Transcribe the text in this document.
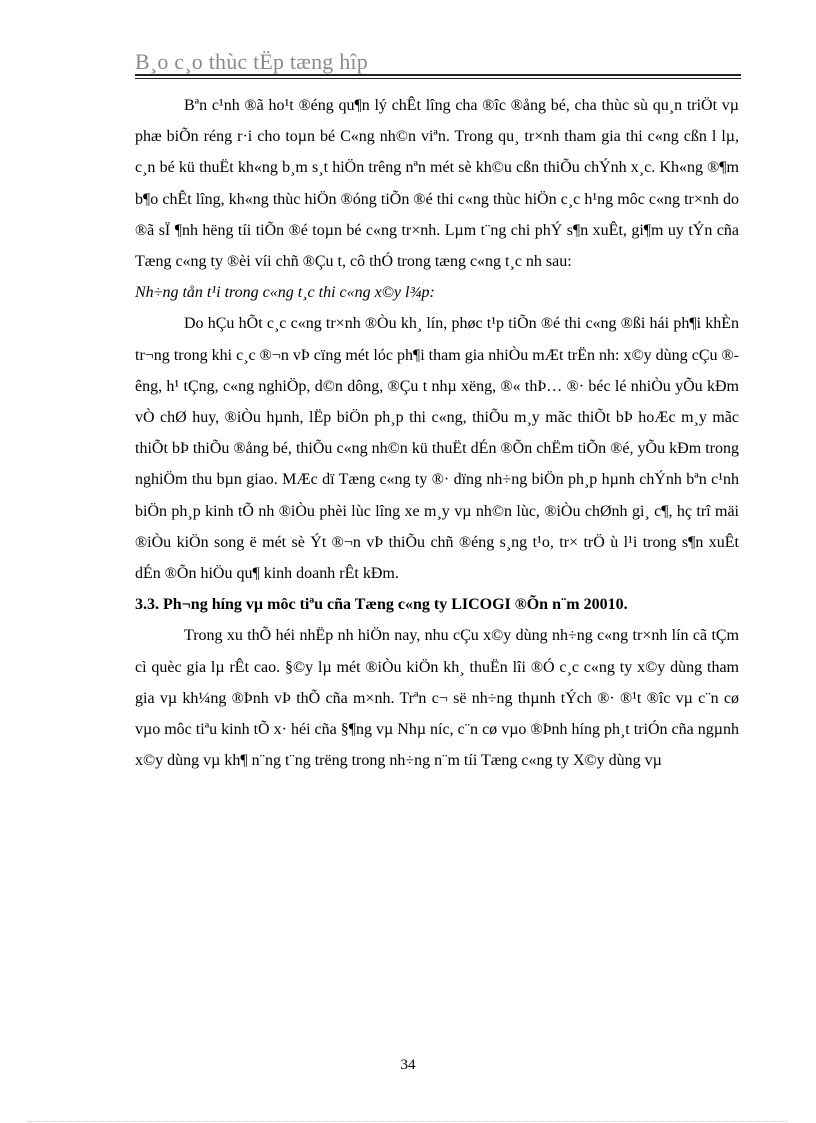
B¸o c¸o thùc tËp tæng hîp

Bªn c¹nh ®ã ho¹t ®éng qu¶n lý chÊt lîng cha ®îc ®ång bé, cha thùc sù qu¸n triÖt vµ phæ biÕn réng r·i cho toµn bé C«ng nh©n viªn. Trong qu¸ tr×nh tham gia thi c«ng cßn l lµ, c¸n bé kü thuËt kh«ng b¸m s¸t hiÖn trêng nªn mét sè kh©u cßn thiÕu chÝnh x¸c. Kh«ng ®¶m b¶o chÊt lîng, kh«ng thùc hiÖn ®óng tiÕn ®é thi c«ng thùc hiÖn c¸c h¹ng môc c«ng tr×nh do ®ã sÏ ¶nh hëng tíi tiÕn ®é toµn bé c«ng tr×nh. Lµm t¨ng chi phÝ s¶n xuÊt, gi¶m uy tÝn cña Tæng c«ng ty ®èi víi chñ ®Çu t, cô thÓ trong tæng c«ng t¸c nh sau:

Nh÷ng tån t¹i trong c«ng t¸c thi c«ng x©y l¾p:

Do hÇu hÕt c¸c c«ng tr×nh ®Òu kh¸ lín, phøc t¹p tiÕn ®é thi c«ng ®ßi hái ph¶i khÈn tr¬ng trong khi c¸c ®¬n vÞ cïng mét lóc ph¶i tham gia nhiÒu mÆt trËn nh: x©y dùng cÇu ®êng, h¹ tÇng, c«ng nghiÖp, d©n dông, ®Çu t nhµ xëng, ®« thÞ… ®· béc lé nhiÒu yÕu kÐm vÒ chØ huy, ®iÒu hµnh, lËp biÖn ph¸p thi c«ng, thiÕu m¸y mãc thiÕt bÞ hoÆc m¸y mãc thiÕt bÞ thiÕu ®ång bé, thiÕu c«ng nh©n kü thuËt dÉn ®Õn chËm tiÕn ®é, yÕu kÐm trong nghiÖm thu bµn giao. MÆc dï Tæng c«ng ty ®· dïng nh÷ng biÖn ph¸p hµnh chÝnh bªn c¹nh biÖn ph¸p kinh tÕ nh ®iÒu phèi lùc lîng xe m¸y vµ nh©n lùc, ®iÒu chØnh gi¸ c¶, hç trî mäi ®iÒu kiÖn song ë mét sè Ýt ®¬n vÞ thiÕu chñ ®éng s¸ng t¹o, tr× trÖ ù l¹i trong s¶n xuÊt dÉn ®Õn hiÖu qu¶ kinh doanh rÊt kÐm.

3.3. Ph¬ng híng vµ môc tiªu cña Tæng c«ng ty LICOGI ®Õn n¨m 20010.

Trong xu thÕ héi nhËp nh hiÖn nay, nhu cÇu x©y dùng nh÷ng c«ng tr×nh lín cã tÇm cì quèc gia lµ rÊt cao. §©y lµ mét ®iÒu kiÖn kh¸ thuËn lîi ®Ó c¸c c«ng ty x©y dùng tham gia vµ kh¼ng ®Þnh vÞ thÕ cña m×nh. Trªn c¬ së nh÷ng thµnh tÝch ®· ®¹t ®îc vµ c¨n cø vµo môc tiªu kinh tÕ x· héi cña §¶ng vµ Nhµ níc, c¨n cø vµo ®Þnh híng ph¸t triÓn cña ngµnh x©y dùng vµ kh¶ n¨ng t¨ng trëng trong nh÷ng n¨m tíi Tæng c«ng ty X©y dùng vµ

34
